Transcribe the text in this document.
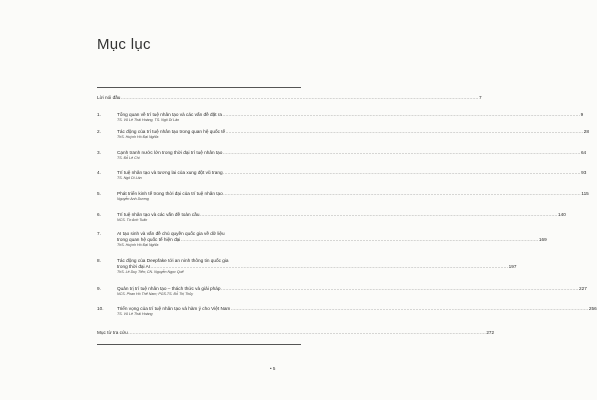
Mục lục
Lời nói đầu .....	7
1.	Tổng quan về trí tuệ nhân tạo và các vấn đề đặt ra .....	9
TS. Vũ Lê Thái Hoàng, TS. Ngô Di Lân
2.	Tác động của trí tuệ nhân tạo trong quan hệ quốc tế .....	28
ThS. Huỳnh Hồ Đại Nghĩa
3.	Cạnh tranh nước lớn trong thời đại trí tuệ nhân tạo .....	64
TS. Đỗ Lê Chi
4.	Trí tuệ nhân tạo và tương lai của xung đột vũ trang .....	93
TS. Ngô Di Lân
5.	Phát triển kinh tế trong thời đại của trí tuệ nhân tạo .....	115
Nguyễn Anh Dương
6.	Trí tuệ nhân tạo và các vấn đề toàn cầu .....	140
NCS. Từ Anh Tuấn
7.	AI tạo sinh và vấn đề chủ quyền quốc gia về dữ liệu
trong quan hệ quốc tế hiện đại .....	169
ThS. Huỳnh Hồ Đại Nghĩa
8.	Tác động của Deepfake tới an ninh thông tin quốc gia
trong thời đại AI .....	197
ThS. Lê Duy Tiến; CN. Nguyễn Ngọc Quế
9.	Quản trị trí tuệ nhân tạo – thách thức và giải pháp .....	227
NCS. Phan Hồ Thế Nam; PGS.TS. Đỗ Thị Thủy
10.	Triển vọng của trí tuệ nhân tạo và hàm ý cho Việt Nam .....	256
TS. Vũ Lê Thái Hoàng
Mục từ tra cứu .....	272
• 5
